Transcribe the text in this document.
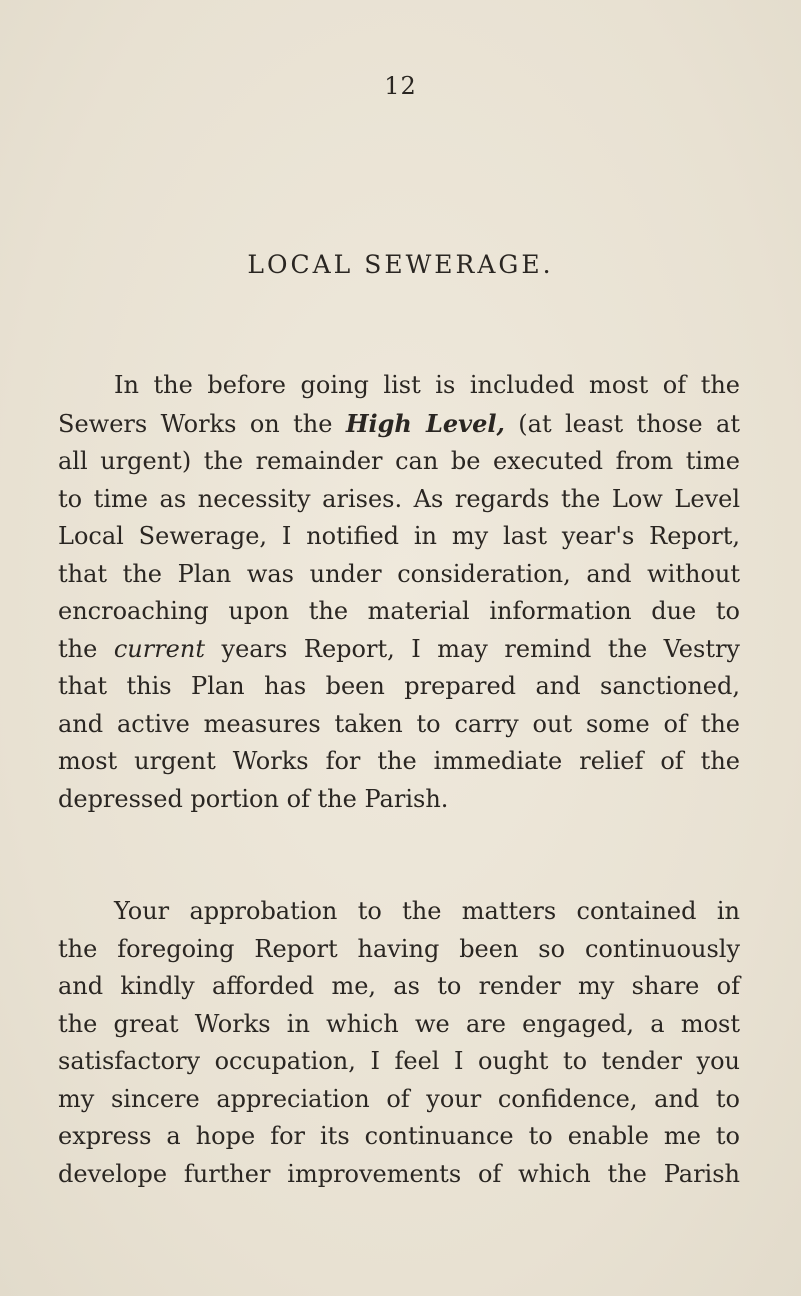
12
LOCAL SEWERAGE.
In the before going list is included most of the
Sewers Works on the High Level, (at least those at
all urgent) the remainder can be executed from time
to time as necessity arises. As regards the Low Level
Local Sewerage, I notified in my last year's Report,
that the Plan was under consideration, and without
encroaching upon the material information due to
the current years Report, I may remind the Vestry
that this Plan has been prepared and sanctioned,
and active measures taken to carry out some of the
most urgent Works for the immediate relief of the
depressed portion of the Parish.
Your approbation to the matters contained in
the foregoing Report having been so continuously
and kindly afforded me, as to render my share of
the great Works in which we are engaged, a most
satisfactory occupation, I feel I ought to tender you
my sincere appreciation of your confidence, and to
express a hope for its continuance to enable me to
develope further improvements of which the Parish
